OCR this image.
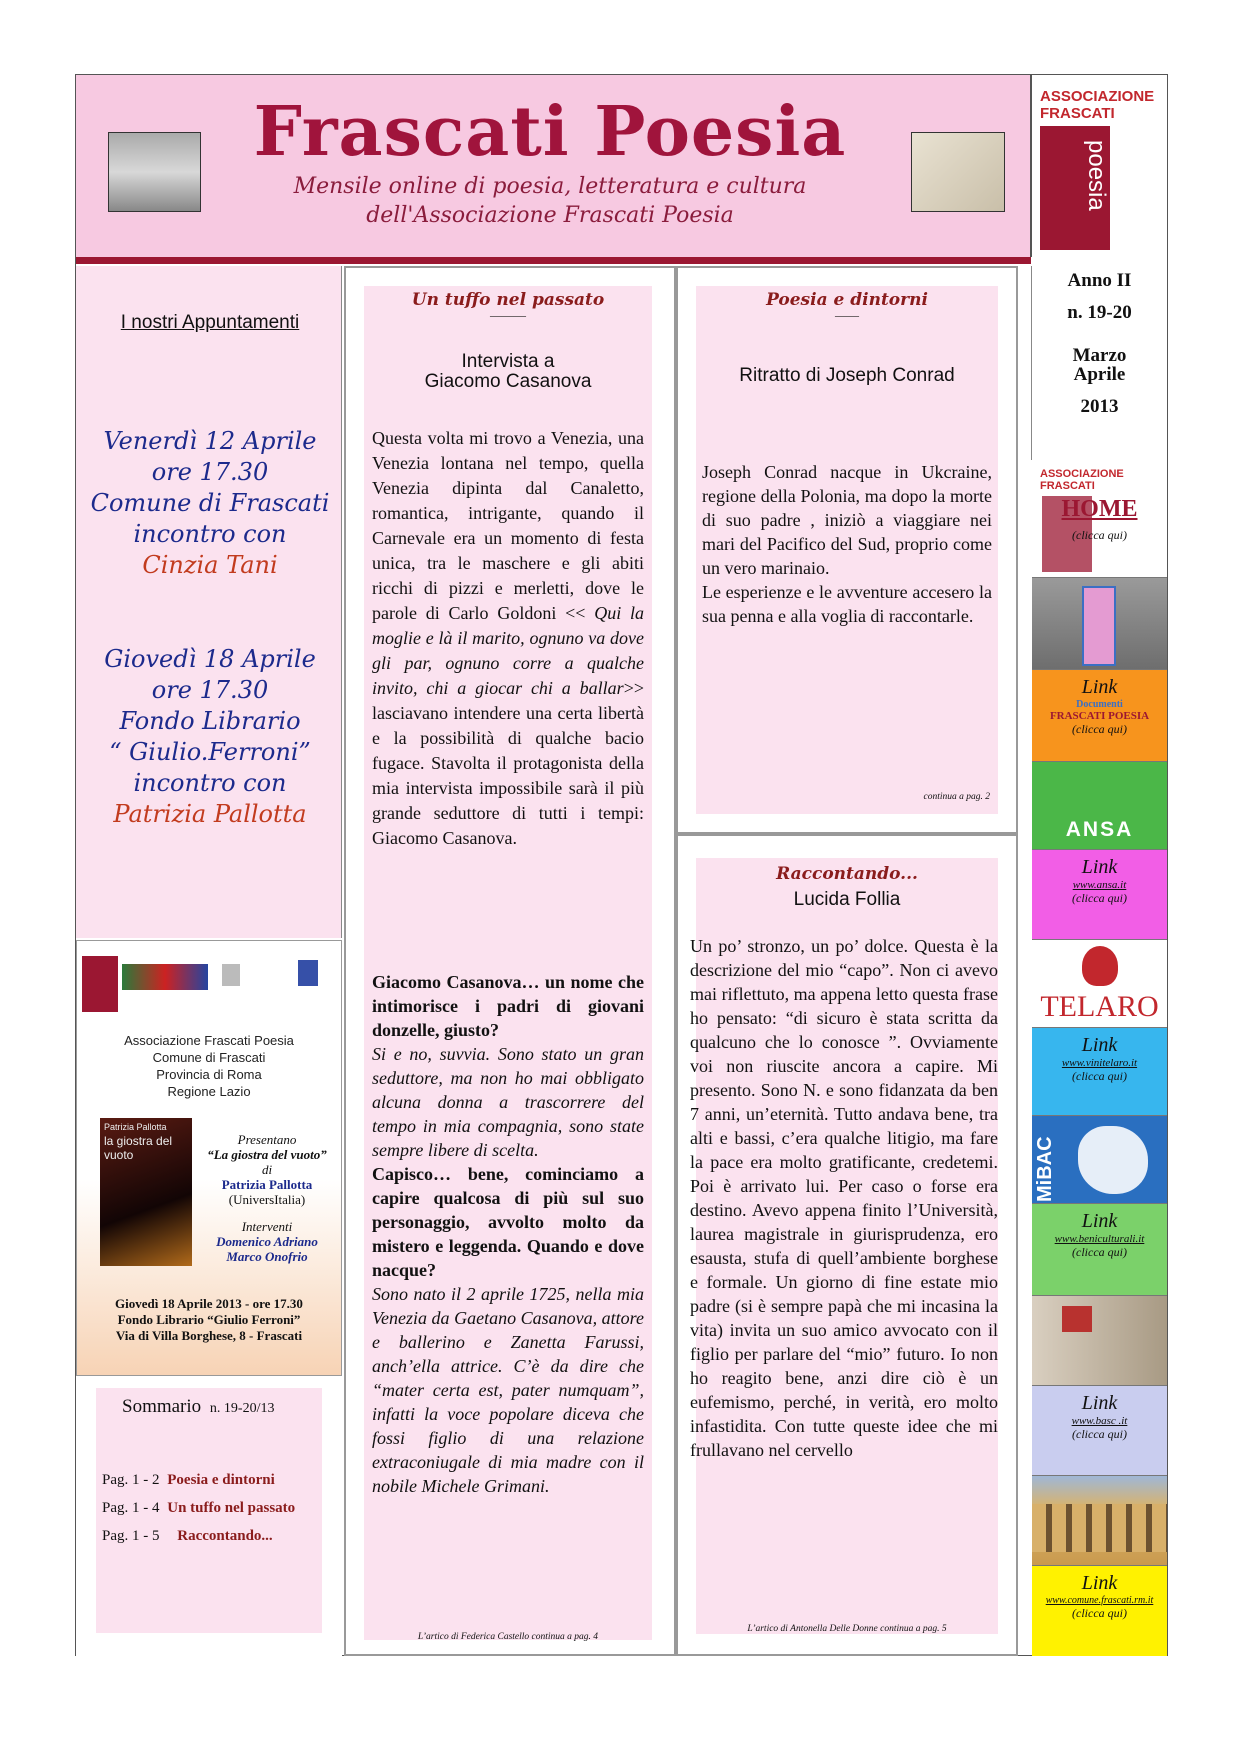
Frascati Poesia
Mensile online di poesia, letteratura e cultura
dell'Associazione Frascati Poesia
ASSOCIAZIONE
FRASCATI
poesia
I nostri Appuntamenti
Venerdì 12 Aprile
ore 17.30
Comune di Frascati
incontro con
Cinzia Tani
Giovedì 18 Aprile
ore 17.30
Fondo Librario
“ Giulio.Ferroni”
incontro con
Patrizia Pallotta
Associazione Frascati Poesia
Comune di Frascati
Provincia di Roma
Regione Lazio
Patrizia Pallotta
la giostra del vuoto
Presentano
“La giostra del vuoto”
di
Patrizia Pallotta
(UniversItalia)
Interventi
Domenico Adriano
Marco Onofrio
Giovedì 18 Aprile 2013 - ore 17.30
Fondo Librario “Giulio Ferroni”
Via di Villa Borghese, 8 - Frascati
Sommario n. 19-20/13
Pag. 1 - 2 Poesia e dintorni
Pag. 1 - 4 Un tuffo nel passato
Pag. 1 - 5 Raccontando...
Un tuffo nel passato
———
Intervista a
Giacomo Casanova
Questa volta mi trovo a Venezia, una Venezia lontana nel tempo, quella Venezia dipinta dal Canaletto, romantica, intrigante, quando il Carnevale era un momento di festa unica, tra le maschere e gli abiti ricchi di pizzi e merletti, dove le parole di Carlo Goldoni << Qui la moglie e là il marito, ognuno va dove gli par, ognuno corre a qualche invito, chi a giocar chi a ballar>> lasciavano intendere una certa libertà e la possibilità di qualche bacio fugace. Stavolta il protagonista della mia intervista impossibile sarà il più grande seduttore di tutti i tempi: Giacomo Casanova.
Giacomo Casanova… un nome che intimorisce i padri di giovani donzelle, giusto?
Si e no, suvvia. Sono stato un gran seduttore, ma non ho mai obbligato alcuna donna a trascorrere del tempo in mia compagnia, sono state sempre libere di scelta.
Capisco… bene, cominciamo a capire qualcosa di più sul suo personaggio, avvolto molto da mistero e leggenda. Quando e dove nacque?
Sono nato il 2 aprile 1725, nella mia Venezia da Gaetano Casanova, attore e ballerino e Zanetta Farussi, anch’ella attrice. C’è da dire che “mater certa est, pater numquam”, infatti la voce popolare diceva che fossi figlio di una relazione extraconiugale di mia madre con il nobile Michele Grimani.
L’artico di Federica Castello continua a pag. 4
Poesia e dintorni
——
Ritratto di Joseph Conrad
Joseph Conrad nacque in Ukcraine, regione della Polonia, ma dopo la morte di suo padre , iniziò a viaggiare nei mari del Pacifico del Sud, proprio come un vero marinaio.
Le esperienze e le avventure accesero la sua penna e alla voglia di raccontarle.
continua a pag. 2
Raccontando...
Lucida Follia
Un po’ stronzo, un po’ dolce. Questa è la descrizione del mio “capo”. Non ci avevo mai riflettuto, ma appena letto questa frase ho pensato: “di sicuro è stata scritta da qualcuno che lo conosce ”. Ovviamente voi non riuscite ancora a capire. Mi presento. Sono N. e sono fidanzata da ben 7 anni, un’eternità. Tutto andava bene, tra alti e bassi, c’era qualche litigio, ma fare la pace era molto gratificante, credetemi. Poi è arrivato lui. Per caso o forse era destino. Avevo appena finito l’Università, laurea magistrale in giurisprudenza, ero esausta, stufa di quell’ambiente borghese e formale. Un giorno di fine estate mio padre (si è sempre papà che mi incasina la vita) invita un suo amico avvocato con il figlio per parlare del “mio” futuro. Io non ho reagito bene, anzi dire ciò è un eufemismo, perché, in verità, ero molto infastidita. Con tutte queste idee che mi frullavano nel cervello
L’artico di Antonella Delle Donne continua a pag. 5
Anno II
n. 19-20
Marzo
Aprile
2013
ASSOCIAZIONE
FRASCATI
HOME
(clicca qui)
Link
Documenti
FRASCATI POESIA
(clicca qui)
ANSA
Link
www.ansa.it
(clicca qui)
TELARO
Link
www.vinitelaro.it
(clicca qui)
MiBAC
Link
www.beniculturali.it
(clicca qui)
Link
www.basc .it
(clicca qui)
Link
www.comune.frascati.rm.it
(clicca qui)
